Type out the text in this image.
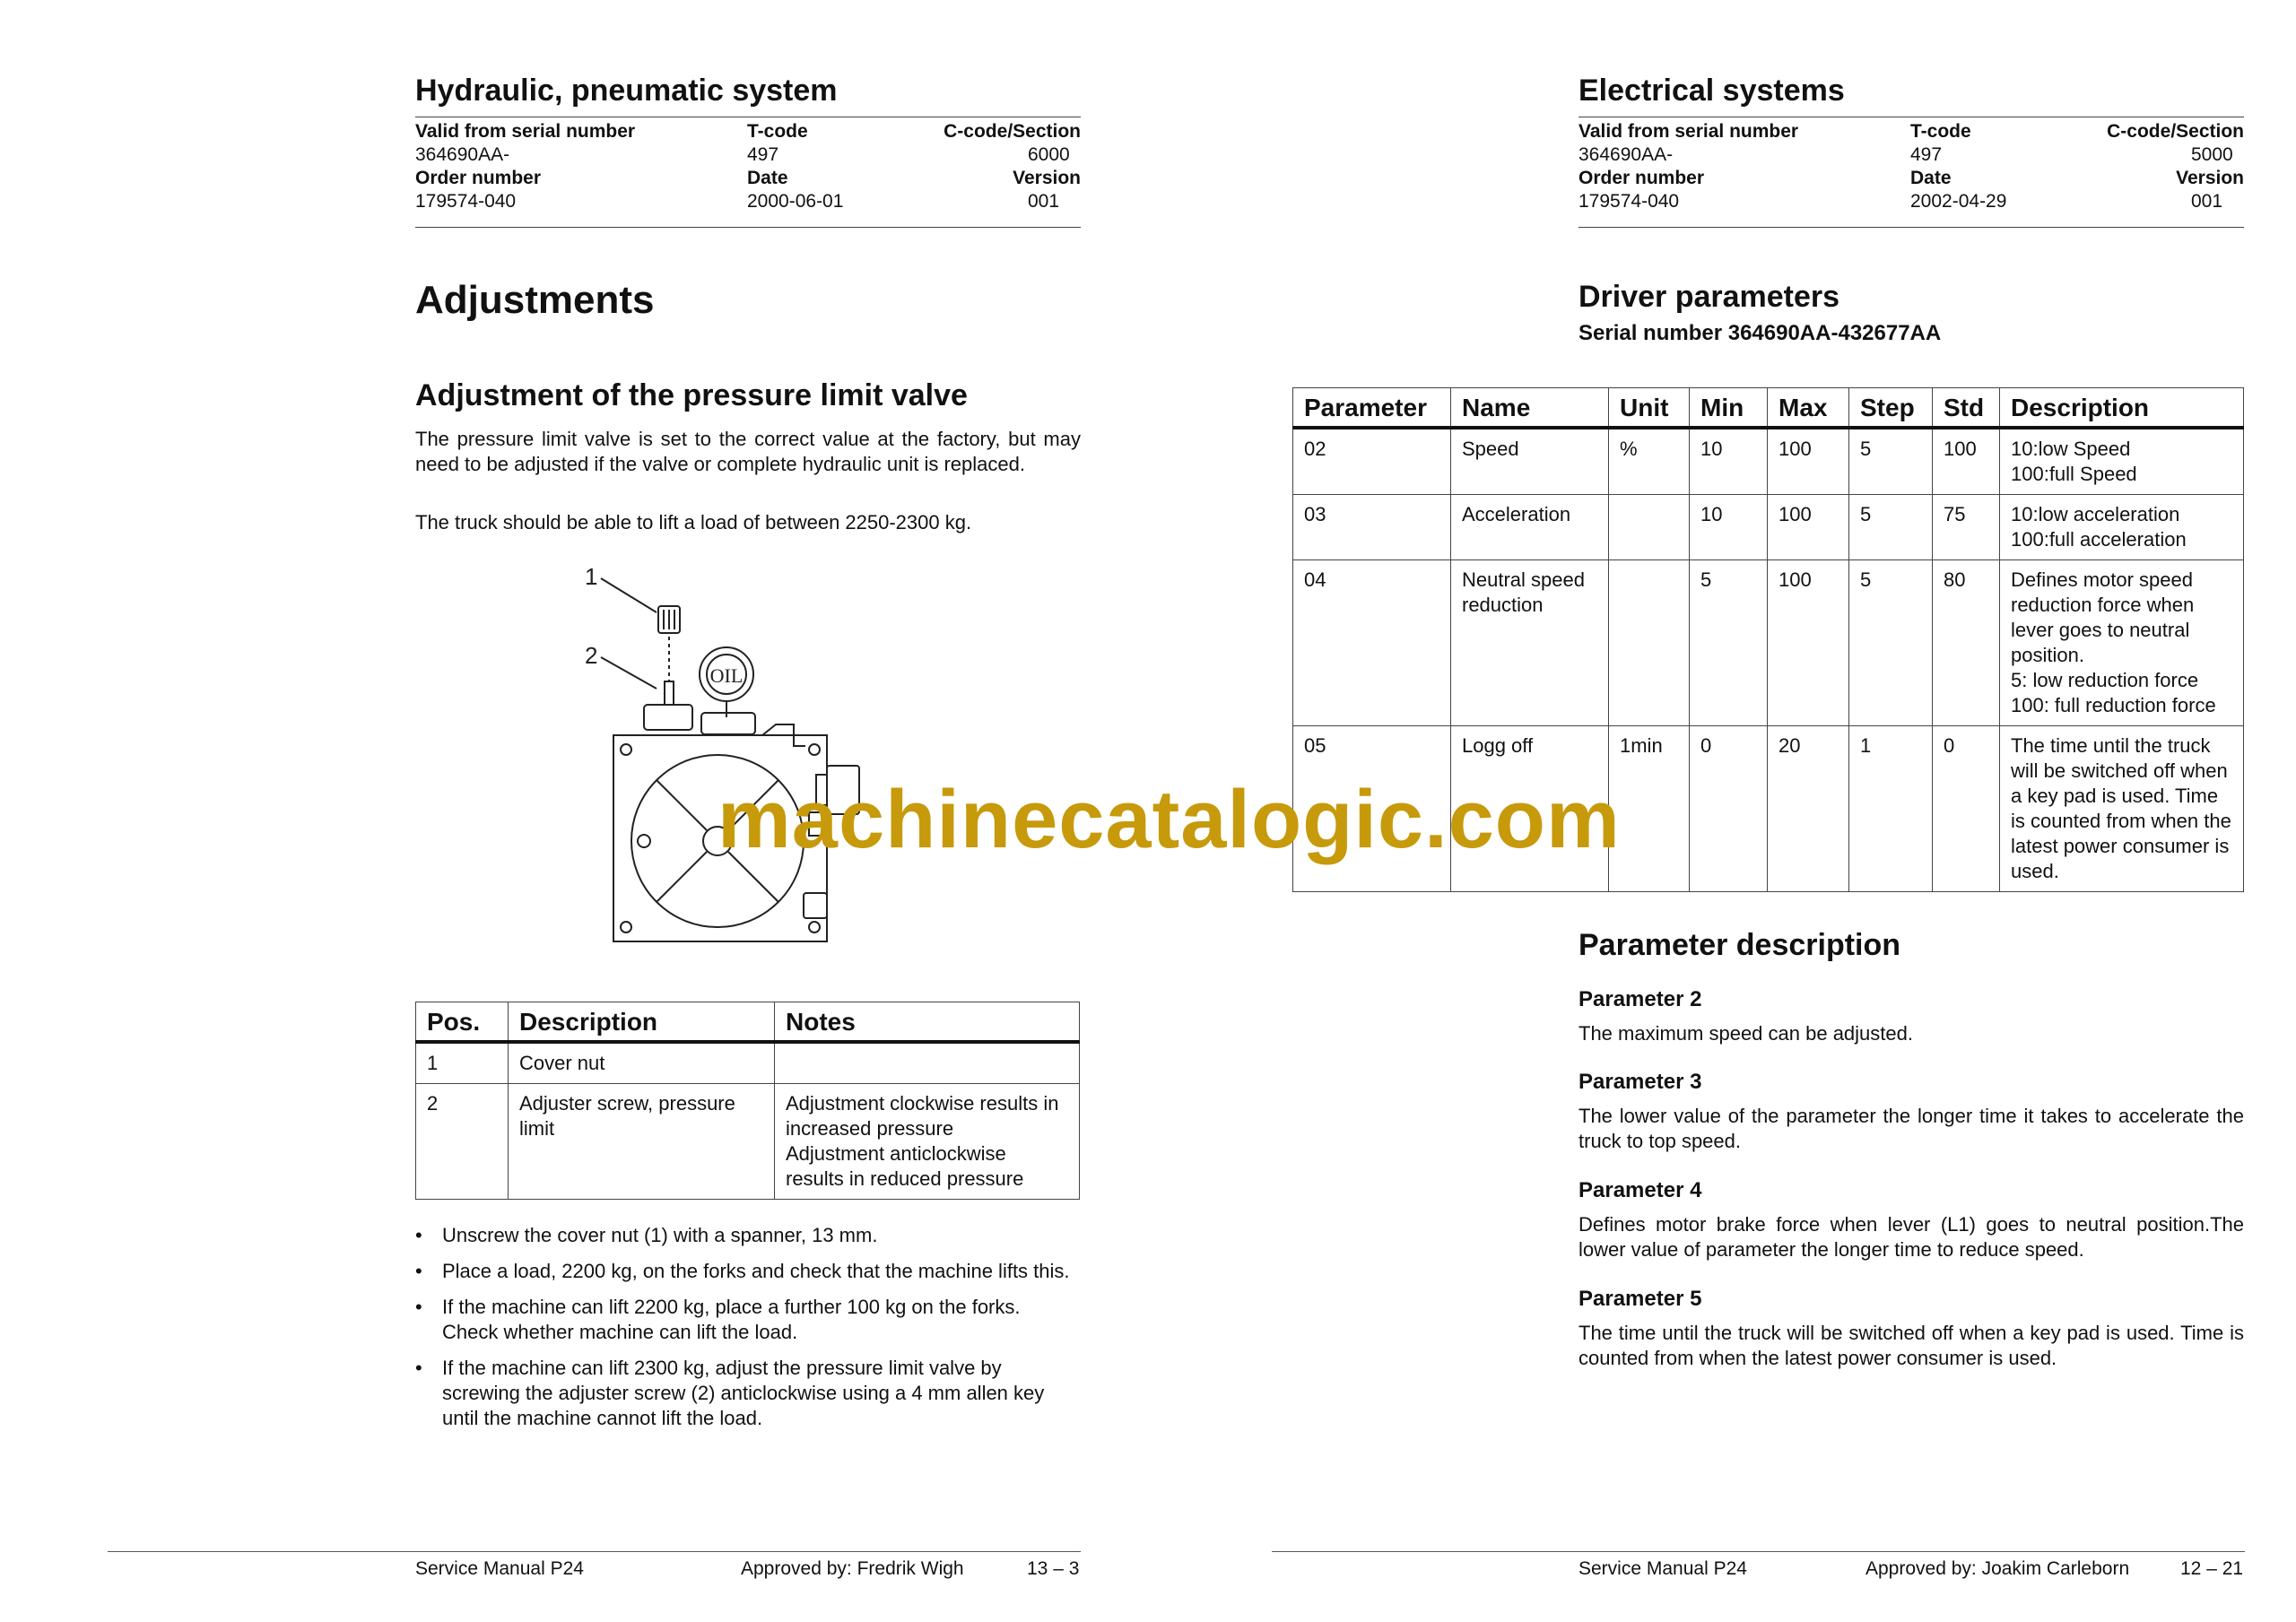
Hydraulic, pneumatic system
Valid from serial number	T-code	C-code/Section
364690AA-	497	6000
Order number	Date	Version
179574-040	2000-06-01	001
Adjustments
Adjustment of the pressure limit valve

The pressure limit valve is set to the correct value at the factory, but may need to be adjusted if the valve or complete hydraulic unit is replaced.

The truck should be able to lift a load of between 2250-2300 kg.

1
2
OIL
Pos.	Description	Notes
1	Cover nut	
2	Adjuster screw, pressure limit	Adjustment clockwise results in increased pressure
Adjustment anticlockwise results in reduced pressure
• Unscrew the cover nut (1) with a spanner, 13 mm.
• Place a load, 2200 kg, on the forks and check that the machine lifts this.
• If the machine can lift 2200 kg, place a further 100 kg on the forks. Check whether machine can lift the load.
• If the machine can lift 2300 kg, adjust the pressure limit valve by screwing the adjuster screw (2) anticlockwise using a 4 mm allen key until the machine cannot lift the load.
Service Manual P24	Approved by: Fredrik Wigh	13 – 3
Electrical systems
Valid from serial number	T-code	C-code/Section
364690AA-	497	5000
Order number	Date	Version
179574-040	2002-04-29	001
Driver parameters
Serial number 364690AA-432677AA
Parameter	Name	Unit	Min	Max	Step	Std	Description
02	Speed	%	10	100	5	100	10:low Speed
100:full Speed
03	Acceleration		10	100	5	75	10:low acceleration
100:full acceleration
04	Neutral speed reduction		5	100	5	80	Defines motor speed reduction force when lever goes to neutral position.
5: low reduction force
100: full reduction force
05	Logg off	1min	0	20	1	0	The time until the truck will be switched off when a key pad is used. Time is counted from when the latest power consumer is used.
Parameter description
Parameter 2

The maximum speed can be adjusted.

Parameter 3

The lower value of the parameter the longer time it takes to accelerate the truck to top speed.

Parameter 4

Defines motor brake force when lever (L1) goes to neutral position.The lower value of parameter the longer time to reduce speed.

Parameter 5

The time until the truck will be switched off when a key pad is used. Time is counted from when the latest power consumer is used.

Service Manual P24	Approved by: Joakim Carleborn	12 – 21
machinecatalogic.com
